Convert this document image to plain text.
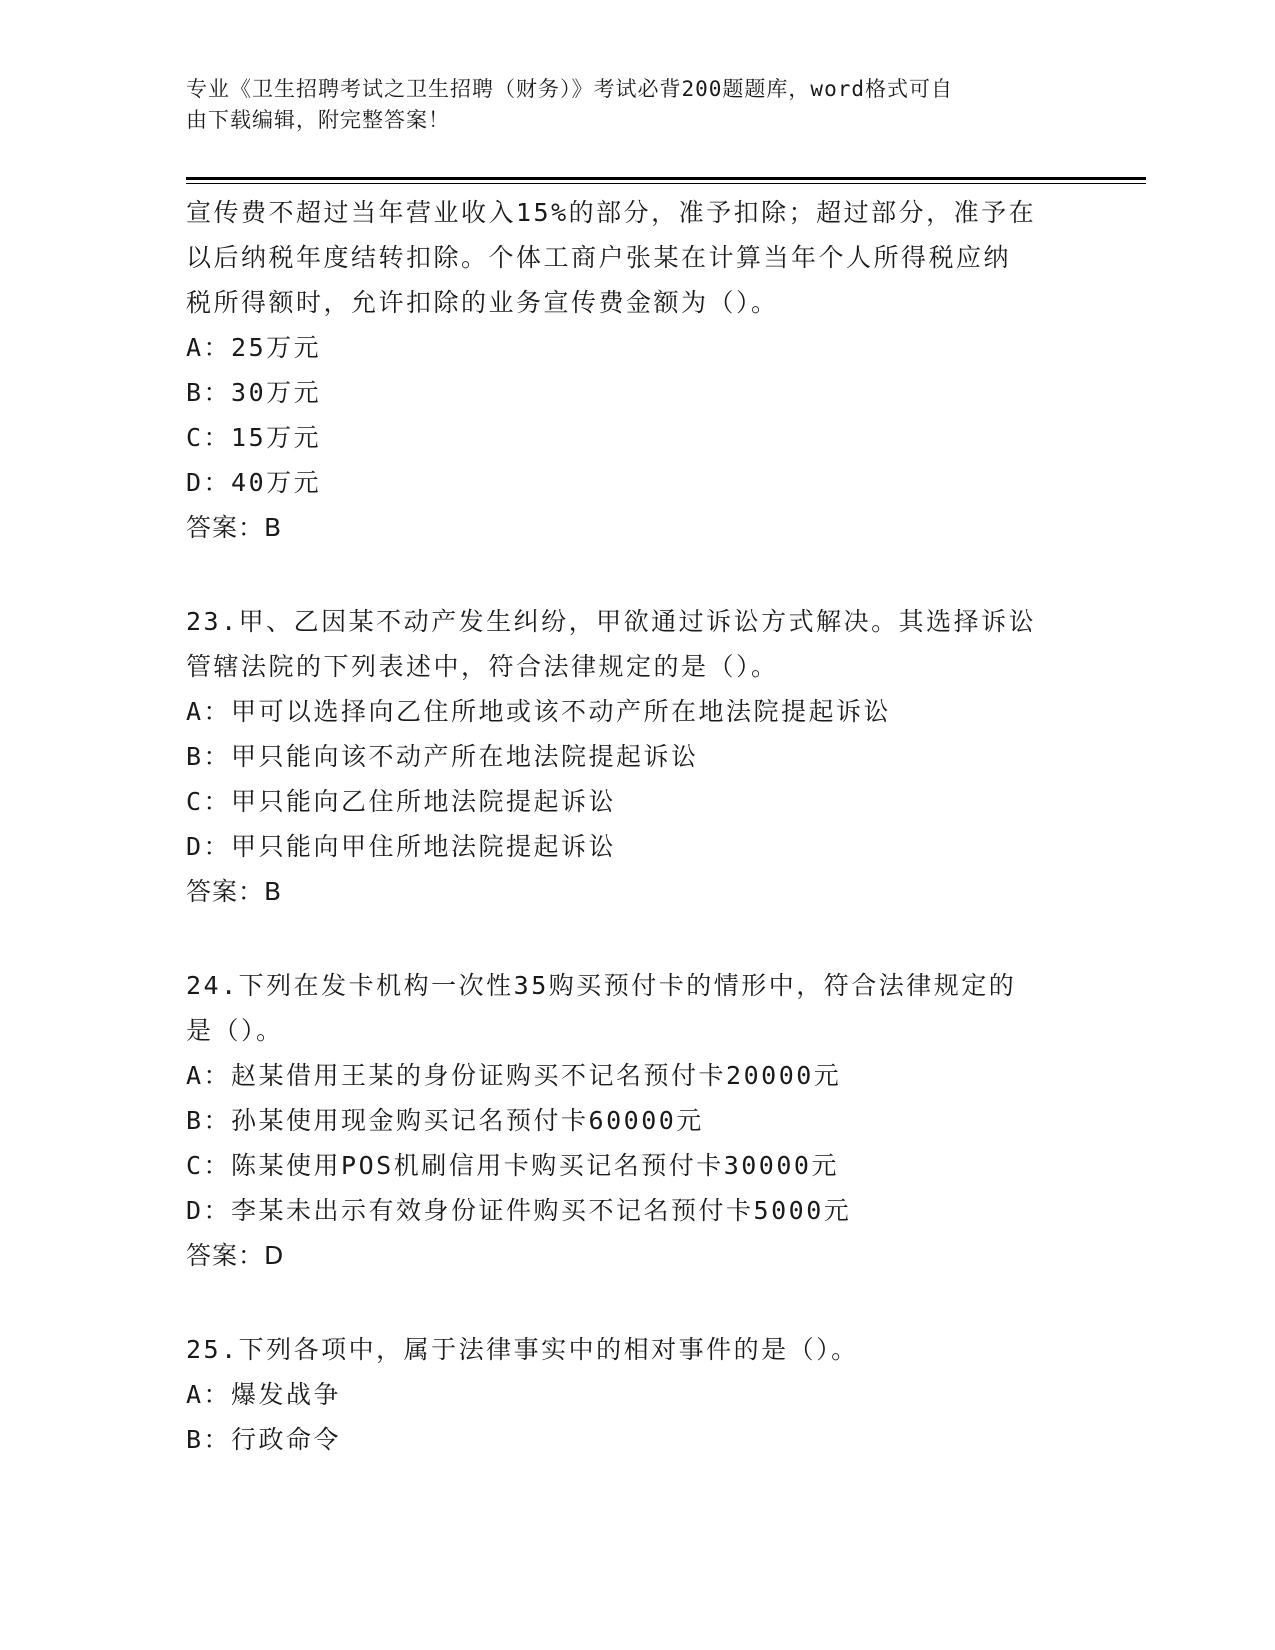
专业《卫生招聘考试之卫生招聘（财务）》考试必背200题题库，word格式可自
由下载编辑，附完整答案！
宣传费不超过当年营业收入15%的部分，准予扣除；超过部分，准予在
以后纳税年度结转扣除。个体工商户张某在计算当年个人所得税应纳
税所得额时，允许扣除的业务宣传费金额为（）。
A：25万元
B：30万元
C：15万元
D：40万元
答案：B
23.甲、乙因某不动产发生纠纷，甲欲通过诉讼方式解决。其选择诉讼
管辖法院的下列表述中，符合法律规定的是（）。
A：甲可以选择向乙住所地或该不动产所在地法院提起诉讼
B：甲只能向该不动产所在地法院提起诉讼
C：甲只能向乙住所地法院提起诉讼
D：甲只能向甲住所地法院提起诉讼
答案：B
24.下列在发卡机构一次性35购买预付卡的情形中，符合法律规定的
是（）。
A：赵某借用王某的身份证购买不记名预付卡20000元
B：孙某使用现金购买记名预付卡60000元
C：陈某使用POS机刷信用卡购买记名预付卡30000元
D：李某未出示有效身份证件购买不记名预付卡5000元
答案：D
25.下列各项中，属于法律事实中的相对事件的是（）。
A：爆发战争
B：行政命令
